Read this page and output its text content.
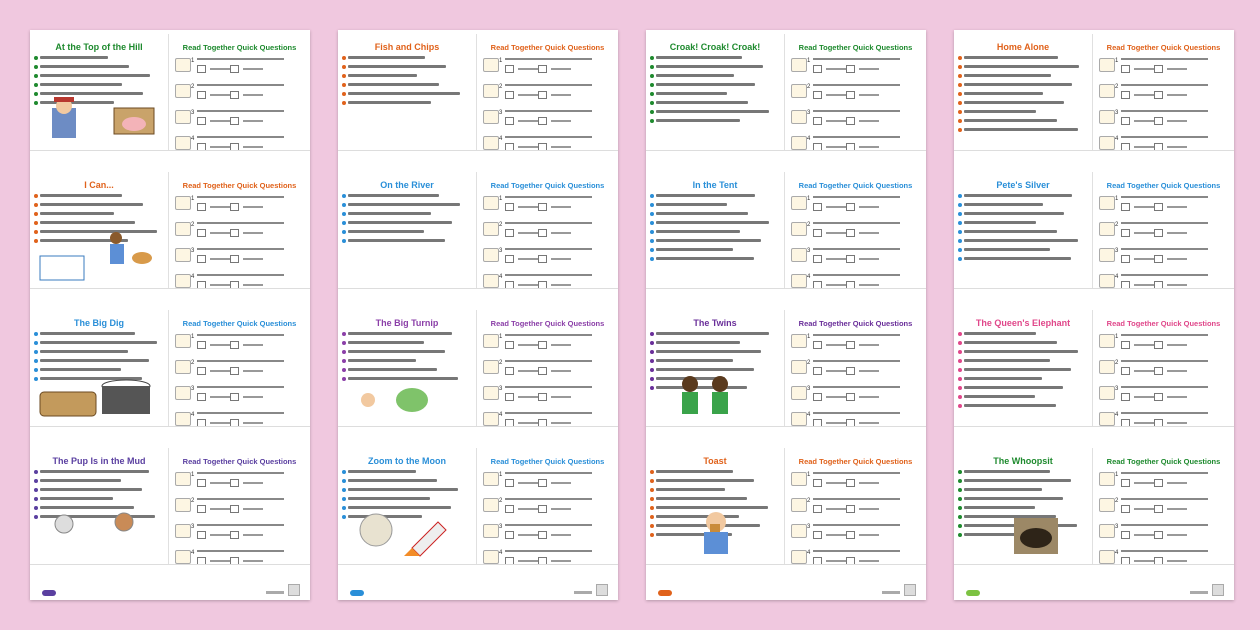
At the Top of the Hill	Read Together Quick Questions
1
2
3
4
I Can...	Read Together Quick Questions
1
2
3
4
The Big Dig	Read Together Quick Questions
1
2
3
4
The Pup Is in the Mud	Read Together Quick Questions
1
2
3
4
Fish and Chips	Read Together Quick Questions
1
2
3
4
On the River	Read Together Quick Questions
1
2
3
4
The Big Turnip	Read Together Quick Questions
1
2
3
4
Zoom to the Moon	Read Together Quick Questions
1
2
3
4
Croak! Croak! Croak!	Read Together Quick Questions
1
2
3
4
In the Tent	Read Together Quick Questions
1
2
3
4
The Twins	Read Together Quick Questions
1
2
3
4
Toast	Read Together Quick Questions
1
2
3
4
Home Alone	Read Together Quick Questions
1
2
3
4
Pete's Silver	Read Together Quick Questions
1
2
3
4
The Queen's Elephant	Read Together Quick Questions
1
2
3
4
The Whoopsit	Read Together Quick Questions
1
2
3
4
